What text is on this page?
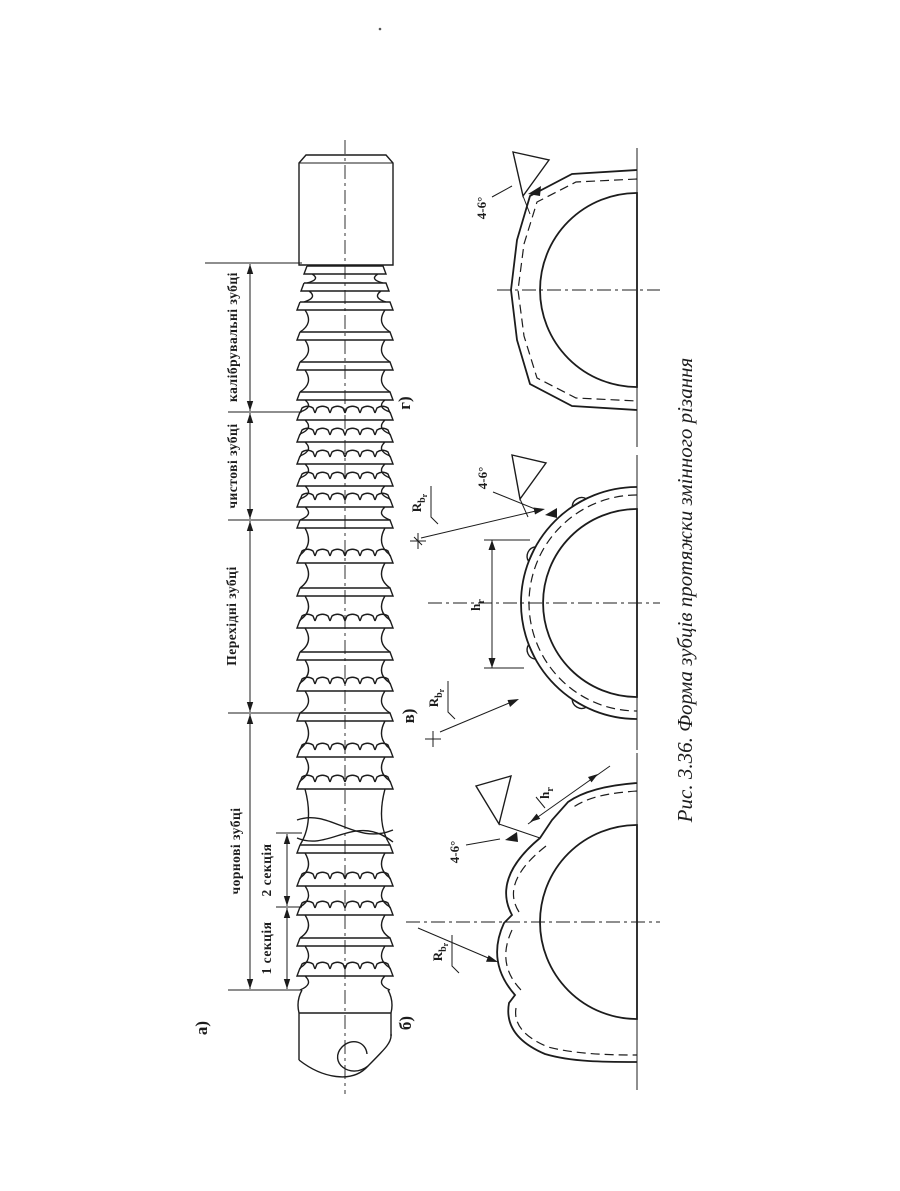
калібрувальні зубці
чистові зубці
Перехідні зубці
чорнові зубці 2 секція
1 секція
а)	б)
в)
г)
4-6°
4-6°
$h_r$
$R_br$
$R_br$
4-6°
$h_r$
$R_br$
Рис. 3.36. Форма зубців протяжки змінного різання
